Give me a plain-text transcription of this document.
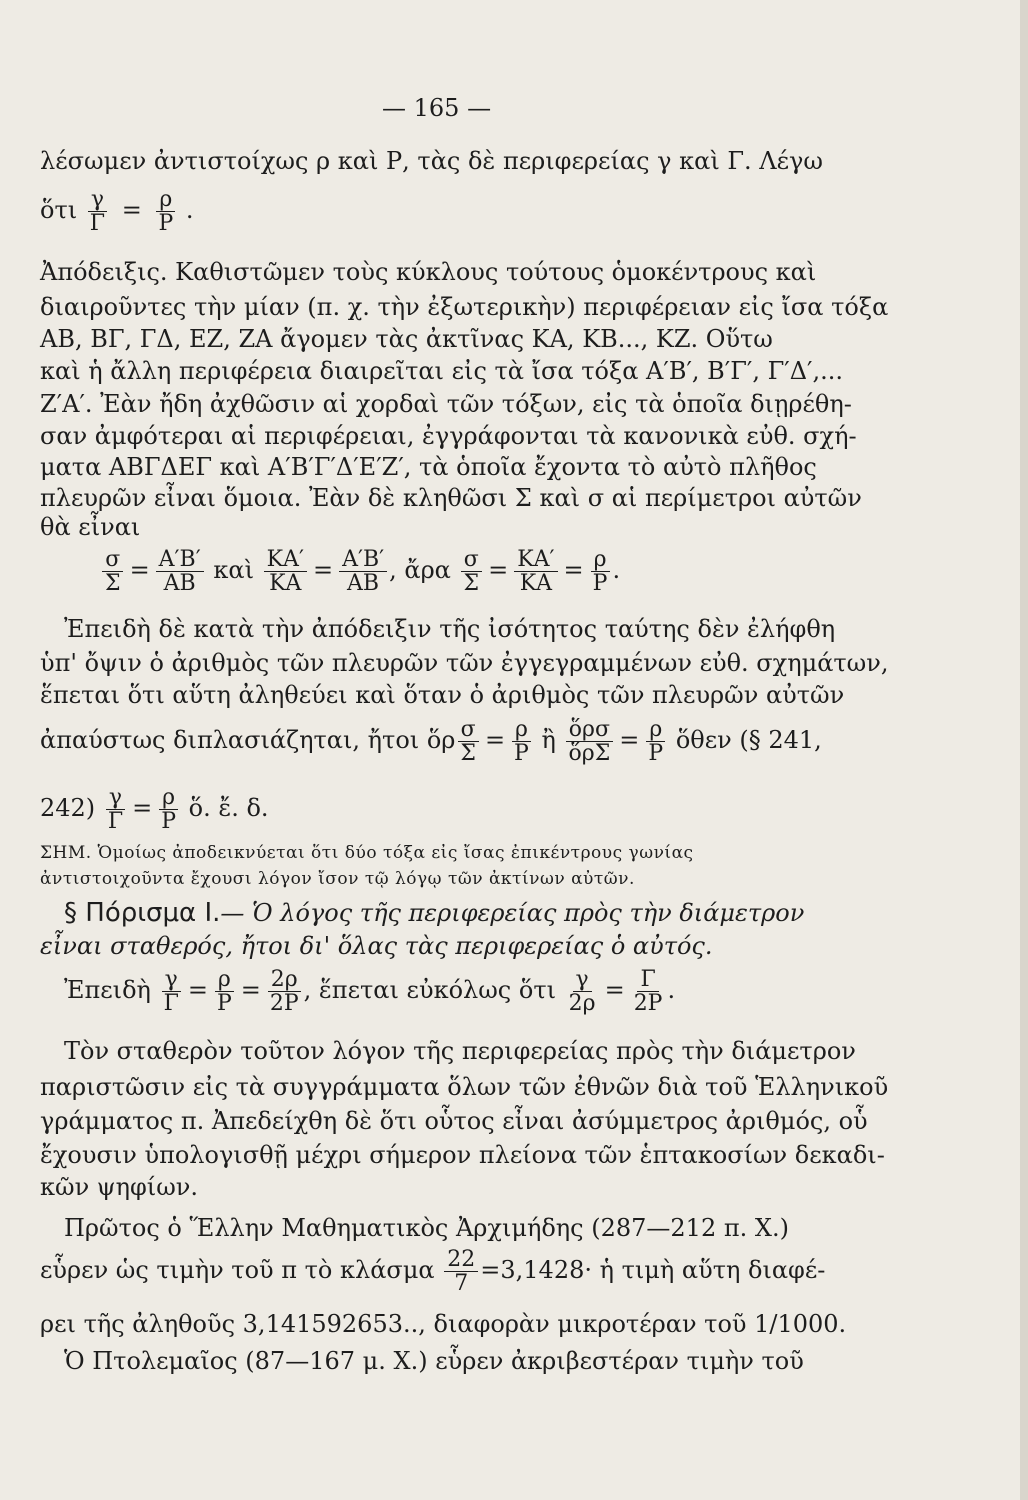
— 165 —
λέσωμεν ἀντιστοίχως ρ καὶ Ρ, τὰς δὲ περιφερείας γ καὶ Γ. Λέγω
ὅτι $\frac{\gamma}{\Gamma} = \frac{\rho}{P}$ .
Ἀπόδειξις. Καθιστῶμεν τοὺς κύκλους τούτους ὁμοκέντρους καὶ
διαιροῦντες τὴν μίαν (π. χ. τὴν ἐξωτερικὴν) περιφέρειαν εἰς ἴσα τόξα
ΑΒ, ΒΓ, ΓΔ, ΕΖ, ΖΑ ἄγομεν τὰς ἀκτῖνας ΚΑ, ΚΒ..., ΚΖ. Οὕτω
καὶ ἡ ἄλλη περιφέρεια διαιρεῖται εἰς τὰ ἴσα τόξα Α′Β′, Β′Γ′, Γ′Δ′,...
Ζ′Α′. Ἐὰν ἤδη ἀχθῶσιν αἱ χορδαὶ τῶν τόξων, εἰς τὰ ὁποῖα διῃρέθη-
σαν ἀμφότεραι αἱ περιφέρειαι, ἐγγράφονται τὰ κανονικὰ εὐθ. σχή-
ματα ΑΒΓΔΕΓ καὶ Α′Β′Γ′Δ′Ε′Ζ′, τὰ ὁποῖα ἔχοντα τὸ αὐτὸ πλῆθος
πλευρῶν εἶναι ὅμοια. Ἐὰν δὲ κληθῶσι Σ καὶ σ αἱ περίμετροι αὐτῶν
θὰ εἶναι
$\frac{\sigma}{\Sigma} = \frac{A'B'}{AB}$ καὶ $\frac{KA'}{KA} = \frac{A'B'}{AB}$ , ἄρα $\frac{\sigma}{\Sigma} = \frac{KA'}{KA} = \frac{\rho}{P}$ .
Ἐπειδὴ δὲ κατὰ τὴν ἀπόδειξιν τῆς ἰσότητος ταύτης δὲν ἐλήφθη
ὑπ' ὄψιν ὁ ἀριθμὸς τῶν πλευρῶν τῶν ἐγγεγραμμένων εὐθ. σχημάτων,
ἕπεται ὅτι αὕτη ἀληθεύει καὶ ὅταν ὁ ἀριθμὸς τῶν πλευρῶν αὐτῶν
ἀπαύστως διπλασιάζηται, ἤτοι ὅρ $\frac{\sigma}{\Sigma} = \frac{\rho}{P}$ ἢ $\frac{\text{ὅρσ}}{\text{ὅρΣ}} = \frac{\rho}{P}$ ὅθεν (§ 241,
$242) \frac{\gamma}{\Gamma} = \frac{\rho}{P}$ ὅ. ἔ. δ.
ΣΗΜ. Ὁμοίως ἀποδεικνύεται ὅτι δύο τόξα εἰς ἴσας ἐπικέντρους γωνίας
ἀντιστοιχοῦντα ἔχουσι λόγον ἴσον τῷ λόγῳ τῶν ἀκτίνων αὐτῶν.
§ Πόρισμα Ι.— Ὁ λόγος τῆς περιφερείας πρὸς τὴν διάμετρον
εἶναι σταθερός, ἤτοι δι' ὅλας τὰς περιφερείας ὁ αὐτός.
Ἐπειδὴ $\frac{\gamma}{\Gamma} = \frac{\rho}{P} = \frac{2\rho}{2P}$ , ἕπεται εὐκόλως ὅτι $\frac{\gamma}{2\rho} = \frac{\Gamma}{2P}$ .
Τὸν σταθερὸν τοῦτον λόγον τῆς περιφερείας πρὸς τὴν διάμετρον
παριστῶσιν εἰς τὰ συγγράμματα ὅλων τῶν ἐθνῶν διὰ τοῦ Ἑλληνικοῦ
γράμματος π. Ἀπεδείχθη δὲ ὅτι οὗτος εἶναι ἀσύμμετρος ἀριθμός, οὗ
ἔχουσιν ὑπολογισθῇ μέχρι σήμερον πλείονα τῶν ἑπτακοσίων δεκαδι-
κῶν ψηφίων.
Πρῶτος ὁ Ἕλλην Μαθηματικὸς Ἀρχιμήδης (287—212 π. Χ.)
εὗρεν ὡς τιμὴν τοῦ π τὸ κλάσμα $\frac{22}{7} =3,1428\cdot$ ἡ τιμὴ αὕτη διαφέ-
ρει τῆς ἀληθοῦς 3,141592653.., διαφορὰν μικροτέραν τοῦ 1/1000.
Ὁ Πτολεμαῖος (87—167 μ. Χ.) εὗρεν ἀκριβεστέραν τιμὴν τοῦ
